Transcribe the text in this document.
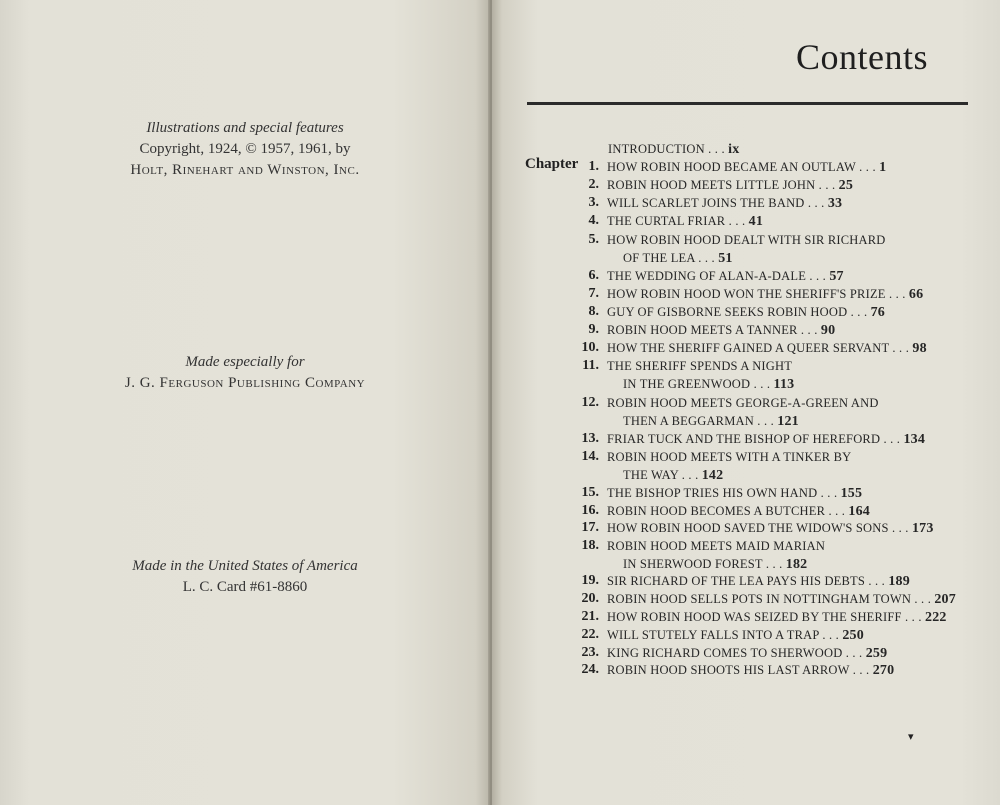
Illustrations and special features
Copyright, 1924, © 1957, 1961, by
Holt, Rinehart and Winston, Inc.
Made especially for
J. G. Ferguson Publishing Company
Made in the United States of America
L. C. Card #61-8860
Contents
INTRODUCTION . . . ix
Chapter 1. HOW ROBIN HOOD BECAME AN OUTLAW . . . 1
2. ROBIN HOOD MEETS LITTLE JOHN . . . 25
3. WILL SCARLET JOINS THE BAND . . . 33
4. THE CURTAL FRIAR . . . 41
5. HOW ROBIN HOOD DEALT WITH SIR RICHARD
OF THE LEA . . . 51
6. THE WEDDING OF ALAN-A-DALE . . . 57
7. HOW ROBIN HOOD WON THE SHERIFF'S PRIZE . . . 66
8. GUY OF GISBORNE SEEKS ROBIN HOOD . . . 76
9. ROBIN HOOD MEETS A TANNER . . . 90
10. HOW THE SHERIFF GAINED A QUEER SERVANT . . . 98
11. THE SHERIFF SPENDS A NIGHT
IN THE GREENWOOD . . . 113
12. ROBIN HOOD MEETS GEORGE-A-GREEN AND
THEN A BEGGARMAN . . . 121
13. FRIAR TUCK AND THE BISHOP OF HEREFORD . . . 134
14. ROBIN HOOD MEETS WITH A TINKER BY
THE WAY . . . 142
15. THE BISHOP TRIES HIS OWN HAND . . . 155
16. ROBIN HOOD BECOMES A BUTCHER . . . 164
17. HOW ROBIN HOOD SAVED THE WIDOW'S SONS . . . 173
18. ROBIN HOOD MEETS MAID MARIAN
IN SHERWOOD FOREST . . . 182
19. SIR RICHARD OF THE LEA PAYS HIS DEBTS . . . 189
20. ROBIN HOOD SELLS POTS IN NOTTINGHAM TOWN . . . 207
21. HOW ROBIN HOOD WAS SEIZED BY THE SHERIFF . . . 222
22. WILL STUTELY FALLS INTO A TRAP . . . 250
23. KING RICHARD COMES TO SHERWOOD . . . 259
24. ROBIN HOOD SHOOTS HIS LAST ARROW . . . 270
▾
